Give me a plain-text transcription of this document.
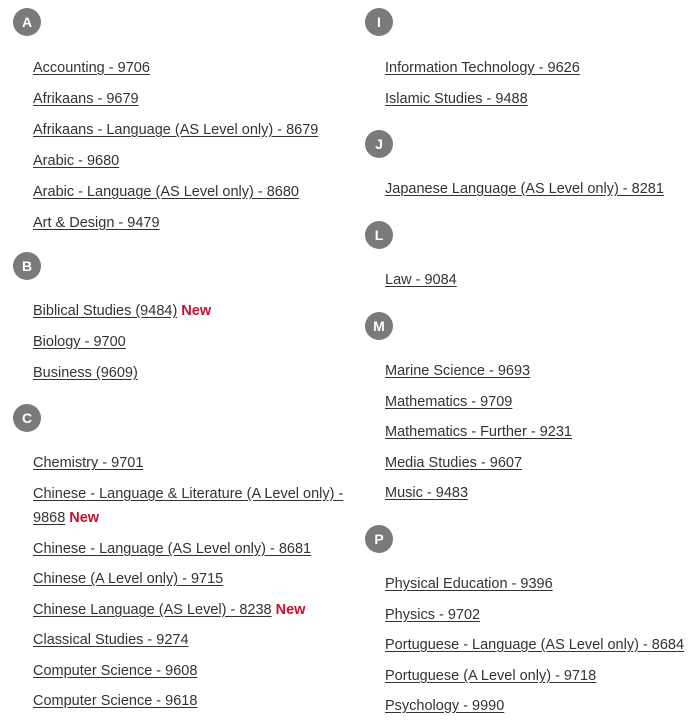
A
Accounting - 9706
Afrikaans - 9679
Afrikaans - Language (AS Level only) - 8679
Arabic - 9680
Arabic - Language (AS Level only) - 8680
Art & Design - 9479
B
Biblical Studies (9484) New
Biology - 9700
Business (9609)
C
Chemistry - 9701
Chinese - Language & Literature (A Level only) - 9868 New
Chinese - Language (AS Level only) - 8681
Chinese (A Level only) - 9715
Chinese Language (AS Level) - 8238 New
Classical Studies - 9274
Computer Science - 9608
Computer Science - 9618
I
Information Technology - 9626
Islamic Studies - 9488
J
Japanese Language (AS Level only) - 8281
L
Law - 9084
M
Marine Science - 9693
Mathematics - 9709
Mathematics - Further - 9231
Media Studies - 9607
Music - 9483
P
Physical Education - 9396
Physics - 9702
Portuguese - Language (AS Level only) - 8684
Portuguese (A Level only) - 9718
Psychology - 9990
